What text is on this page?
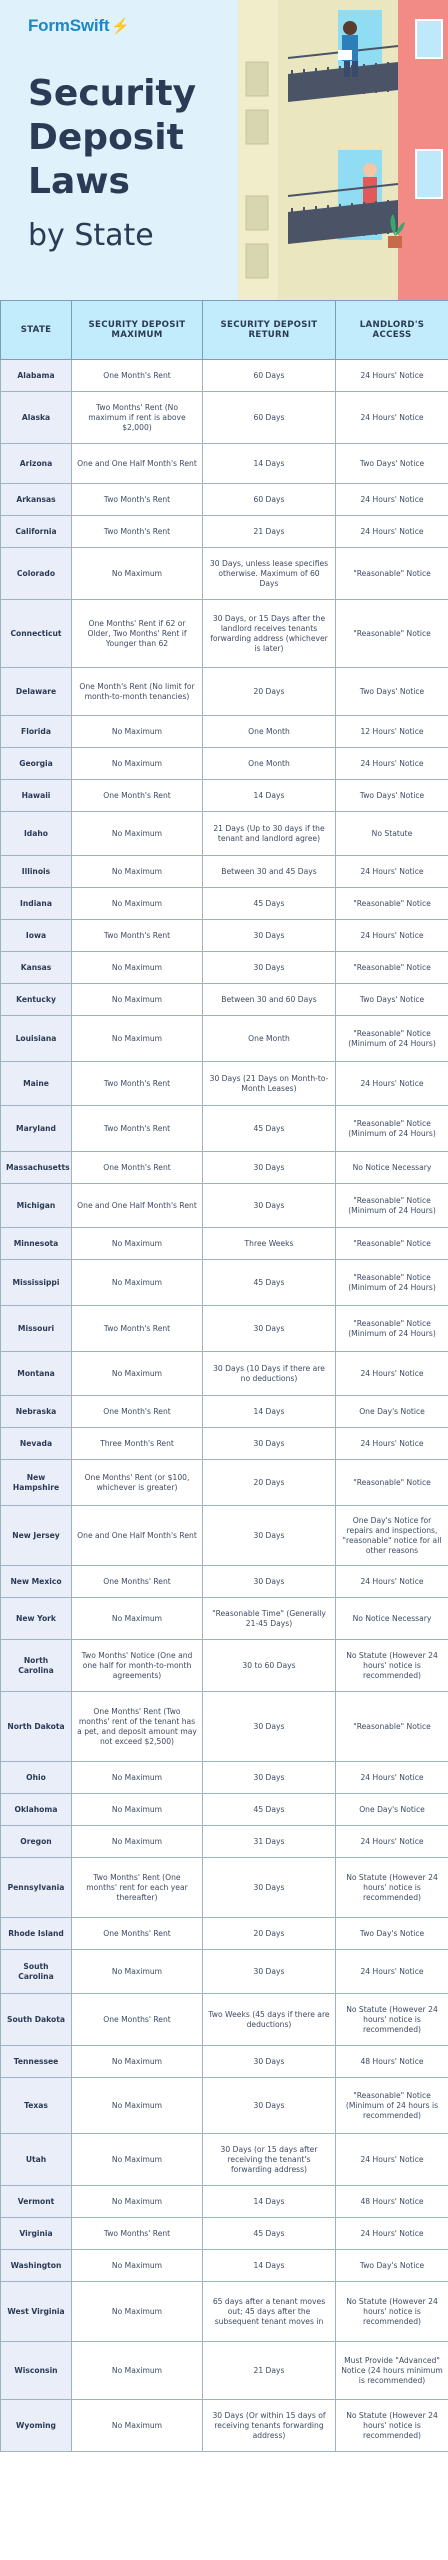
FormSwift ⚡
Security
Deposit
Laws
by State
STATE	SECURITY DEPOSIT MAXIMUM	SECURITY DEPOSIT RETURN	LANDLORD'S ACCESS
Alabama	One Month's Rent	60 Days	24 Hours' Notice
Alaska	Two Months' Rent (No maximum if rent is above $2,000)	60 Days	24 Hours' Notice
Arizona	One and One Half Month's Rent	14 Days	Two Days' Notice
Arkansas	Two Month's Rent	60 Days	24 Hours' Notice
California	Two Month's Rent	21 Days	24 Hours' Notice
Colorado	No Maximum	30 Days, unless lease specifies otherwise. Maximum of 60 Days	"Reasonable" Notice
Connecticut	One Months' Rent if 62 or Older, Two Months' Rent if Younger than 62	30 Days, or 15 Days after the landlord receives tenants forwarding address (whichever is later)	"Reasonable" Notice
Delaware	One Month's Rent (No limit for month-to-month tenancies)	20 Days	Two Days' Notice
Florida	No Maximum	One Month	12 Hours' Notice
Georgia	No Maximum	One Month	24 Hours' Notice
Hawaii	One Month's Rent	14 Days	Two Days' Notice
Idaho	No Maximum	21 Days (Up to 30 days if the tenant and landlord agree)	No Statute
Illinois	No Maximum	Between 30 and 45 Days	24 Hours' Notice
Indiana	No Maximum	45 Days	"Reasonable" Notice
Iowa	Two Month's Rent	30 Days	24 Hours' Notice
Kansas	No Maximum	30 Days	"Reasonable" Notice
Kentucky	No Maximum	Between 30 and 60 Days	Two Days' Notice
Louisiana	No Maximum	One Month	"Reasonable" Notice (Minimum of 24 Hours)
Maine	Two Month's Rent	30 Days (21 Days on Month-to-Month Leases)	24 Hours' Notice
Maryland	Two Month's Rent	45 Days	"Reasonable" Notice (Minimum of 24 Hours)
Massachusetts	One Month's Rent	30 Days	No Notice Necessary
Michigan	One and One Half Month's Rent	30 Days	"Reasonable" Notice (Minimum of 24 Hours)
Minnesota	No Maximum	Three Weeks	"Reasonable" Notice
Mississippi	No Maximum	45 Days	"Reasonable" Notice (Minimum of 24 Hours)
Missouri	Two Month's Rent	30 Days	"Reasonable" Notice (Minimum of 24 Hours)
Montana	No Maximum	30 Days (10 Days if there are no deductions)	24 Hours' Notice
Nebraska	One Month's Rent	14 Days	One Day's Notice
Nevada	Three Month's Rent	30 Days	24 Hours' Notice
New Hampshire	One Months' Rent (or $100, whichever is greater)	20 Days	"Reasonable" Notice
New Jersey	One and One Half Month's Rent	30 Days	One Day's Notice for repairs and inspections, "reasonable" notice for all other reasons
New Mexico	One Months' Rent	30 Days	24 Hours' Notice
New York	No Maximum	"Reasonable Time" (Generally 21-45 Days)	No Notice Necessary
North Carolina	Two Months' Notice (One and one half for month-to-month agreements)	30 to 60 Days	No Statute (However 24 hours' notice is recommended)
North Dakota	One Months' Rent (Two months' rent of the tenant has a pet, and deposit amount may not exceed $2,500)	30 Days	"Reasonable" Notice
Ohio	No Maximum	30 Days	24 Hours' Notice
Oklahoma	No Maximum	45 Days	One Day's Notice
Oregon	No Maximum	31 Days	24 Hours' Notice
Pennsylvania	Two Months' Rent (One months' rent for each year thereafter)	30 Days	No Statute (However 24 hours' notice is recommended)
Rhode Island	One Months' Rent	20 Days	Two Day's Notice
South Carolina	No Maximum	30 Days	24 Hours' Notice
South Dakota	One Months' Rent	Two Weeks (45 days if there are deductions)	No Statute (However 24 hours' notice is recommended)
Tennessee	No Maximum	30 Days	48 Hours' Notice
Texas	No Maximum	30 Days	"Reasonable" Notice (Minimum of 24 hours is recommended)
Utah	No Maximum	30 Days (or 15 days after receiving the tenant's forwarding address)	24 Hours' Notice
Vermont	No Maximum	14 Days	48 Hours' Notice
Virginia	Two Months' Rent	45 Days	24 Hours' Notice
Washington	No Maximum	14 Days	Two Day's Notice
West Virginia	No Maximum	65 days after a tenant moves out; 45 days after the subsequent tenant moves in	No Statute (However 24 hours' notice is recommended)
Wisconsin	No Maximum	21 Days	Must Provide "Advanced" Notice (24 hours minimum is recommended)
Wyoming	No Maximum	30 Days (Or within 15 days of receiving tenants forwarding address)	No Statute (However 24 hours' notice is recommended)
